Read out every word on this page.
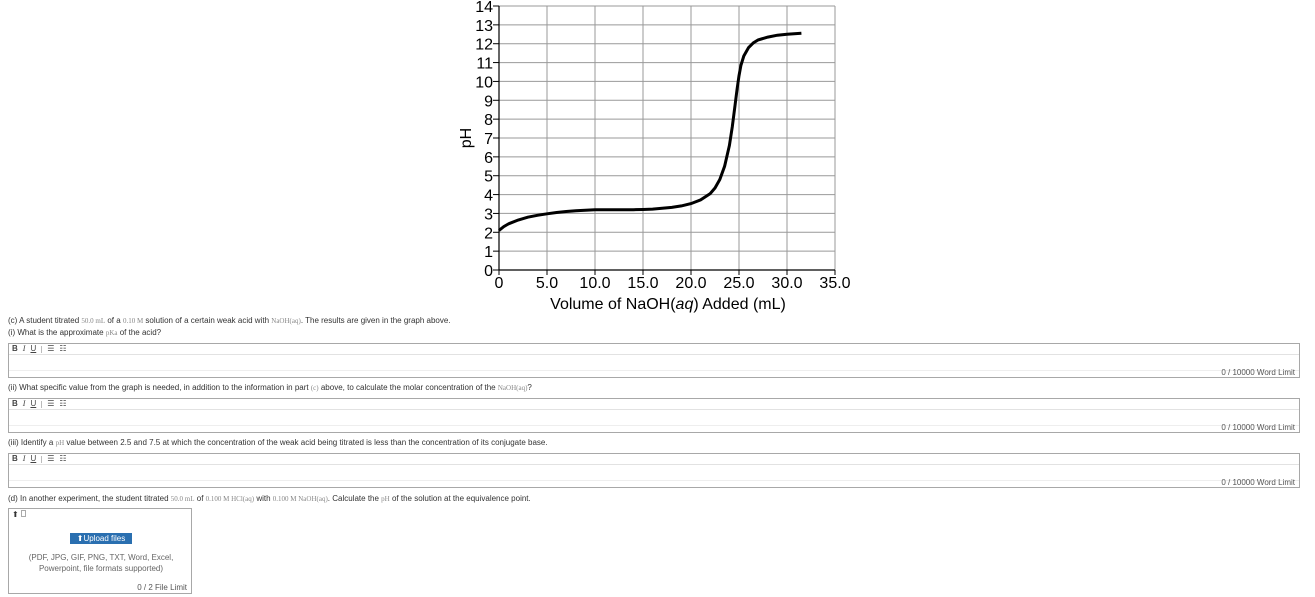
0
1
2
3
4
5
6
7
8
9
10
11
12
13
14
0 5.0 10.0 15.0 20.0 25.0 30.0 35.0
pH
Volume of NaOH(aq) Added (mL)
(c) A student titrated 50.0 mL of a 0.10 M solution of a certain weak acid with NaOH(aq). The results are given in the graph above.
(i) What is the approximate pKa of the acid?
B I U ☰ ☷
0 / 10000 Word Limit
(ii) What specific value from the graph is needed, in addition to the information in part (c) above, to calculate the molar concentration of the NaOH(aq)?
B I U ☰ ☷
0 / 10000 Word Limit
(iii) Identify a pH value between 2.5 and 7.5 at which the concentration of the weak acid being titrated is less than the concentration of its conjugate base.
B I U ☰ ☷
0 / 10000 Word Limit
(d) In another experiment, the student titrated 50.0 mL of 0.100 M HCl(aq) with 0.100 M NaOH(aq). Calculate the pH of the solution at the equivalence point.
⬆
⬆Upload files
(PDF, JPG, GIF, PNG, TXT, Word, Excel,
Powerpoint, file formats supported)
0 / 2 File Limit
